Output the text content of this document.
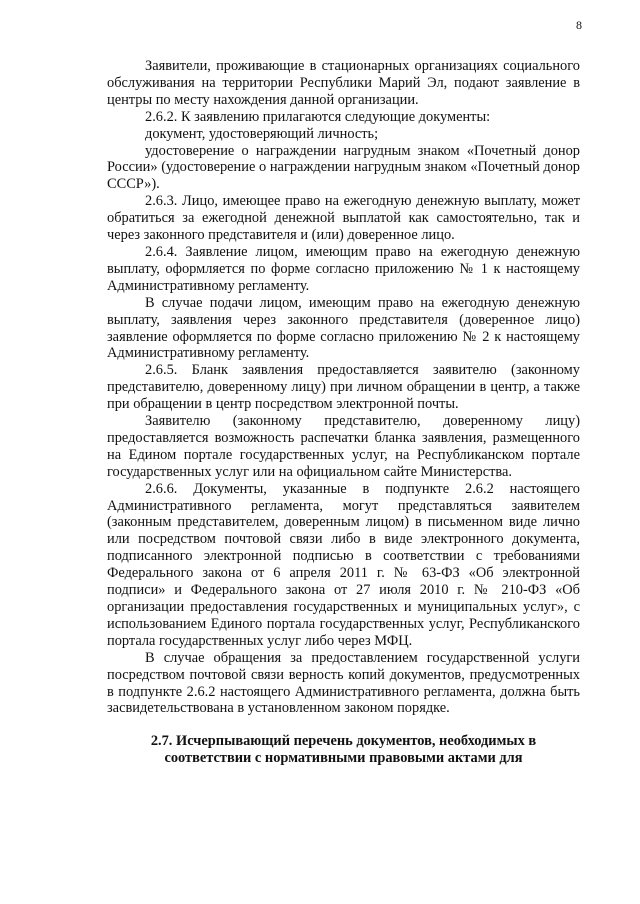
8

Заявители, проживающие в стационарных организациях социального обслуживания на территории Республики Марий Эл, подают заявление в центры по месту нахождения данной организации.

2.6.2. К заявлению прилагаются следующие документы:

документ, удостоверяющий личность;

удостоверение о награждении нагрудным знаком «Почетный донор России» (удостоверение о награждении нагрудным знаком «Почетный донор СССР»).

2.6.3. Лицо, имеющее право на ежегодную денежную выплату, может обратиться за ежегодной денежной выплатой как самостоятельно, так и через законного представителя и (или) доверенное лицо.

2.6.4. Заявление лицом, имеющим право на ежегодную денежную выплату, оформляется по форме согласно приложению № 1 к настоящему Административному регламенту.

В случае подачи лицом, имеющим право на ежегодную денежную выплату, заявления через законного представителя (доверенное лицо) заявление оформляется по форме согласно приложению № 2 к настоящему Административному регламенту.

2.6.5. Бланк заявления предоставляется заявителю (законному представителю, доверенному лицу) при личном обращении в центр, а также при обращении в центр посредством электронной почты.

Заявителю (законному представителю, доверенному лицу) предоставляется возможность распечатки бланка заявления, размещенного на Едином портале государственных услуг, на Республиканском портале государственных услуг или на официальном сайте Министерства.

2.6.6. Документы, указанные в подпункте 2.6.2 настоящего Административного регламента, могут представляться заявителем (законным представителем, доверенным лицом) в письменном виде лично или посредством почтовой связи либо в виде электронного документа, подписанного электронной подписью в соответствии с требованиями Федерального закона от 6 апреля 2011 г. № 63-ФЗ «Об электронной подписи» и Федерального закона от 27 июля 2010 г. № 210-ФЗ «Об организации предоставления государственных и муниципальных услуг», с использованием Единого портала государственных услуг, Республиканского портала государственных услуг либо через МФЦ.

В случае обращения за предоставлением государственной услуги посредством почтовой связи верность копий документов, предусмотренных в подпункте 2.6.2 настоящего Административного регламента, должна быть засвидетельствована в установленном законом порядке.

2.7. Исчерпывающий перечень документов, необходимых в соответствии с нормативными правовыми актами для
